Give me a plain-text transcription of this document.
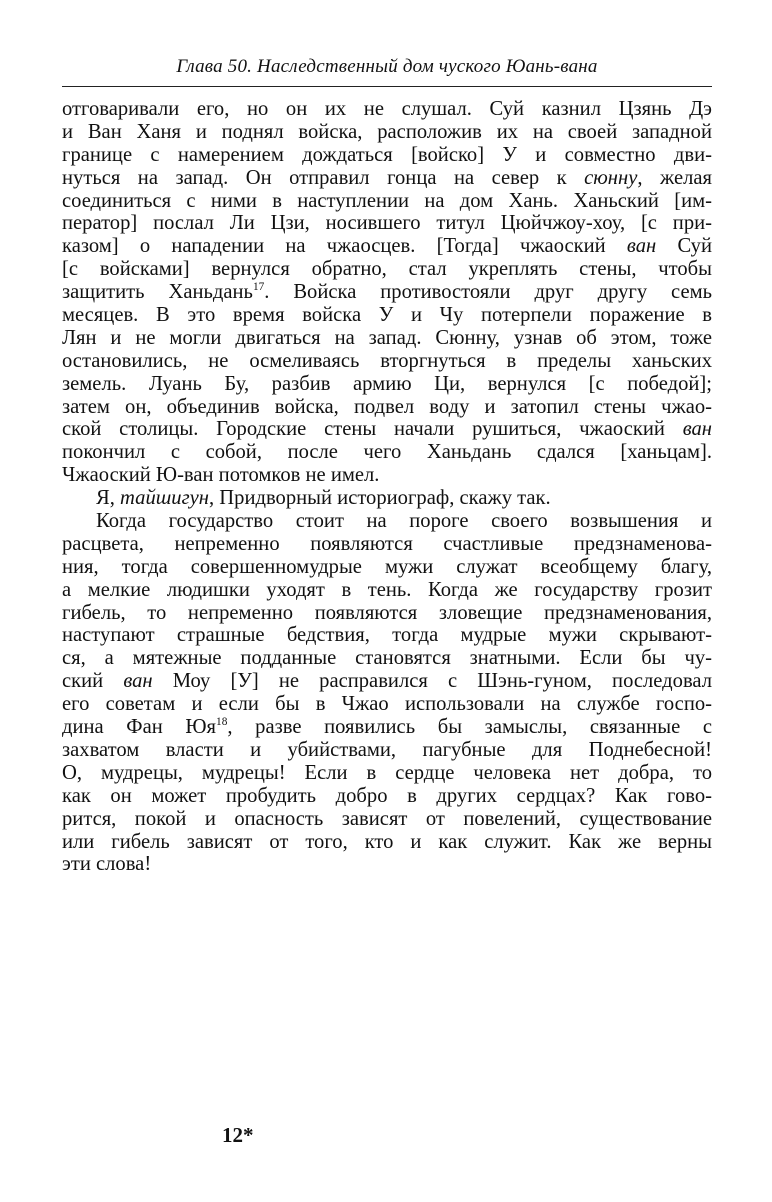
Глава 50. Наследственный дом чуского Юань-вана
отговаривали его, но он их не слушал. Суй казнил Цзянь Дэ
и Ван Ханя и поднял войска, расположив их на своей западной
границе с намерением дождаться [войско] У и совместно дви-
нуться на запад. Он отправил гонца на север к сюнну, желая
соединиться с ними в наступлении на дом Хань. Ханьский [им-
ператор] послал Ли Цзи, носившего титул Цюйчжоу-хоу, [с при-
казом] о нападении на чжаосцев. [Тогда] чжаоский ван Суй
[с войсками] вернулся обратно, стал укреплять стены, чтобы
защитить Ханьдань$^{17}$. Войска противостояли друг другу семь
месяцев. В это время войска У и Чу потерпели поражение в
Лян и не могли двигаться на запад. Сюнну, узнав об этом, тоже
остановились, не осмеливаясь вторгнуться в пределы ханьских
земель. Луань Бу, разбив армию Ци, вернулся [с победой];
затем он, объединив войска, подвел воду и затопил стены чжао-
ской столицы. Городские стены начали рушиться, чжаоский ван
покончил с собой, после чего Ханьдань сдался [ханьцам].
Чжаоский Ю-ван потомков не имел.
Я, тайшигун, Придворный историограф, скажу так.
Когда государство стоит на пороге своего возвышения и
расцвета, непременно появляются счастливые предзнаменова-
ния, тогда совершенномудрые мужи служат всеобщему благу,
а мелкие людишки уходят в тень. Когда же государству грозит
гибель, то непременно появляются зловещие предзнаменования,
наступают страшные бедствия, тогда мудрые мужи скрывают-
ся, а мятежные подданные становятся знатными. Если бы чу-
ский ван Моу [У] не расправился с Шэнь-гуном, последовал
его советам и если бы в Чжао использовали на службе госпо-
дина Фан $Юя^{18}$, разве появились бы замыслы, связанные с
захватом власти и убийствами, пагубные для Поднебесной!
О, мудрецы, мудрецы! Если в сердце человека нет добра, то
как он может пробудить добро в других сердцах? Как гово-
рится, покой и опасность зависят от повелений, существование
или гибель зависят от того, кто и как служит. Как же верны
эти слова!
12*
